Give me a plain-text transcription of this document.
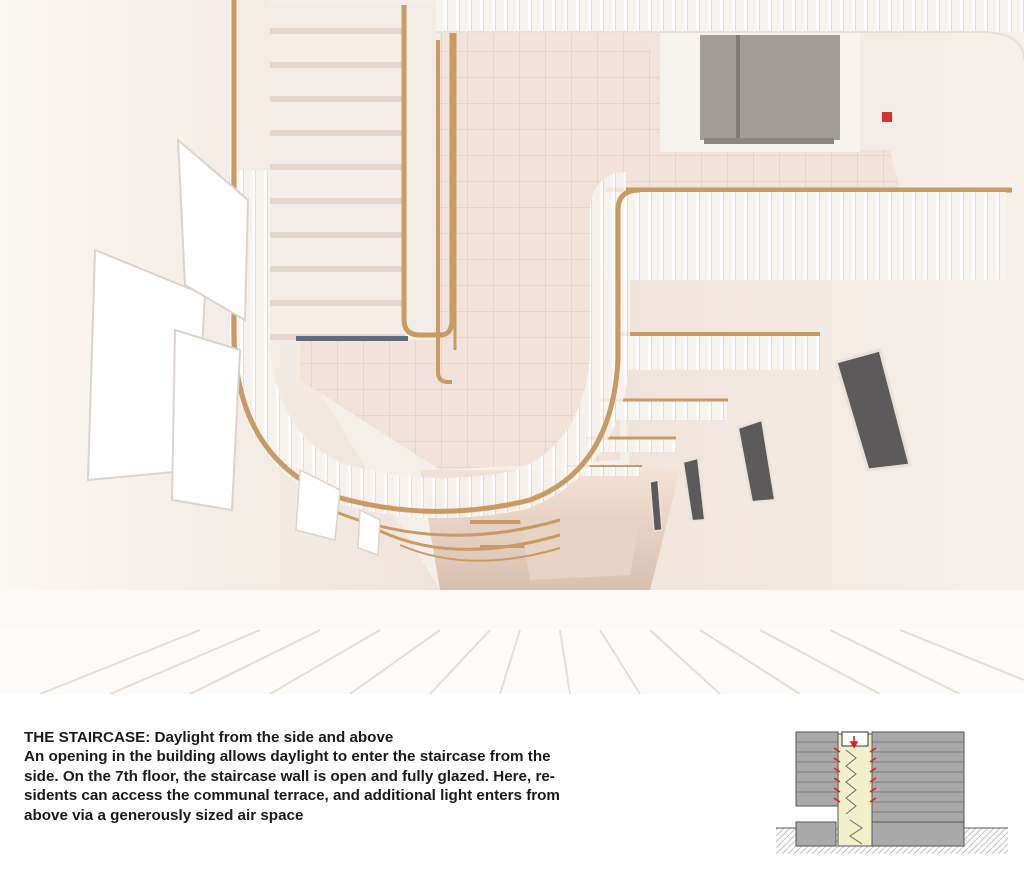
THE STAIRCASE: Daylight from the side and above
An opening in the building allows daylight to enter the staircase from the
side. On the 7th floor, the staircase wall is open and fully glazed. Here, re-
sidents can access the communal terrace, and additional light enters from
above via a generously sized air space
